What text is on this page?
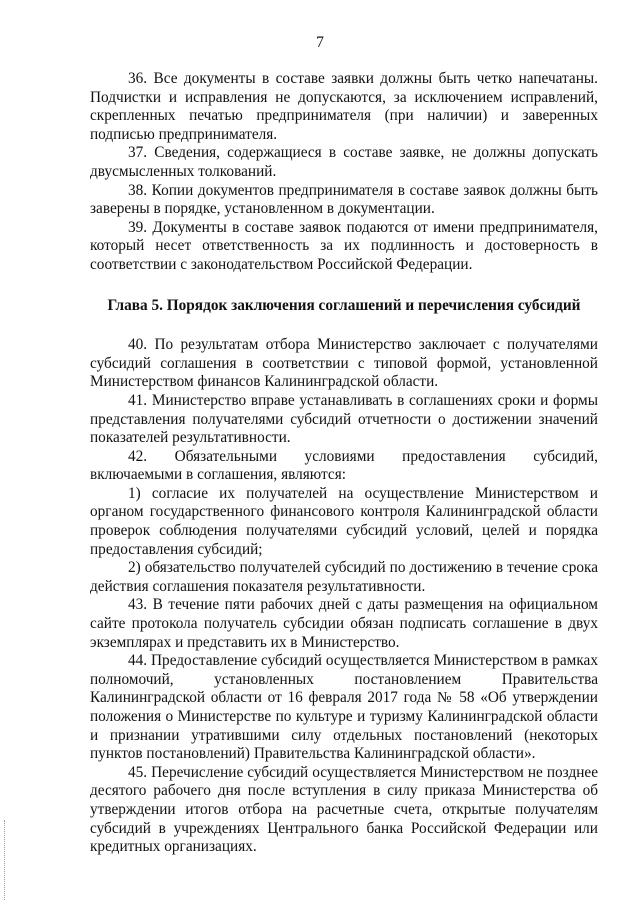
7

36. Все документы в составе заявки должны быть четко напечатаны. Подчистки и исправления не допускаются, за исключением исправлений, скрепленных печатью предпринимателя (при наличии) и заверенных подписью предпринимателя.

37. Сведения, содержащиеся в составе заявке, не должны допускать двусмысленных толкований.

38. Копии документов предпринимателя в составе заявок должны быть заверены в порядке, установленном в документации.

39. Документы в составе заявок подаются от имени предпринимателя, который несет ответственность за их подлинность и достоверность в соответствии с законодательством Российской Федерации.

Глава 5. Порядок заключения соглашений и перечисления субсидий

40. По результатам отбора Министерство заключает с получателями субсидий соглашения в соответствии с типовой формой, установленной Министерством финансов Калининградской области.

41. Министерство вправе устанавливать в соглашениях сроки и формы представления получателями субсидий отчетности о достижении значений показателей результативности.

42. Обязательными условиями предоставления субсидий, включаемыми в соглашения, являются:

1) согласие их получателей на осуществление Министерством и органом государственного финансового контроля Калининградской области проверок соблюдения получателями субсидий условий, целей и порядка предоставления субсидий;

2) обязательство получателей субсидий по достижению в течение срока действия соглашения показателя результативности.

43. В течение пяти рабочих дней с даты размещения на официальном сайте протокола получатель субсидии обязан подписать соглашение в двух экземплярах и представить их в Министерство.

44. Предоставление субсидий осуществляется Министерством в рамках полномочий, установленных постановлением Правительства Калининградской области от 16 февраля 2017 года № 58 «Об утверждении положения о Министерстве по культуре и туризму Калининградской области и признании утратившими силу отдельных постановлений (некоторых пунктов постановлений) Правительства Калининградской области».

45. Перечисление субсидий осуществляется Министерством не позднее десятого рабочего дня после вступления в силу приказа Министерства об утверждении итогов отбора на расчетные счета, открытые получателям субсидий в учреждениях Центрального банка Российской Федерации или кредитных организациях.
